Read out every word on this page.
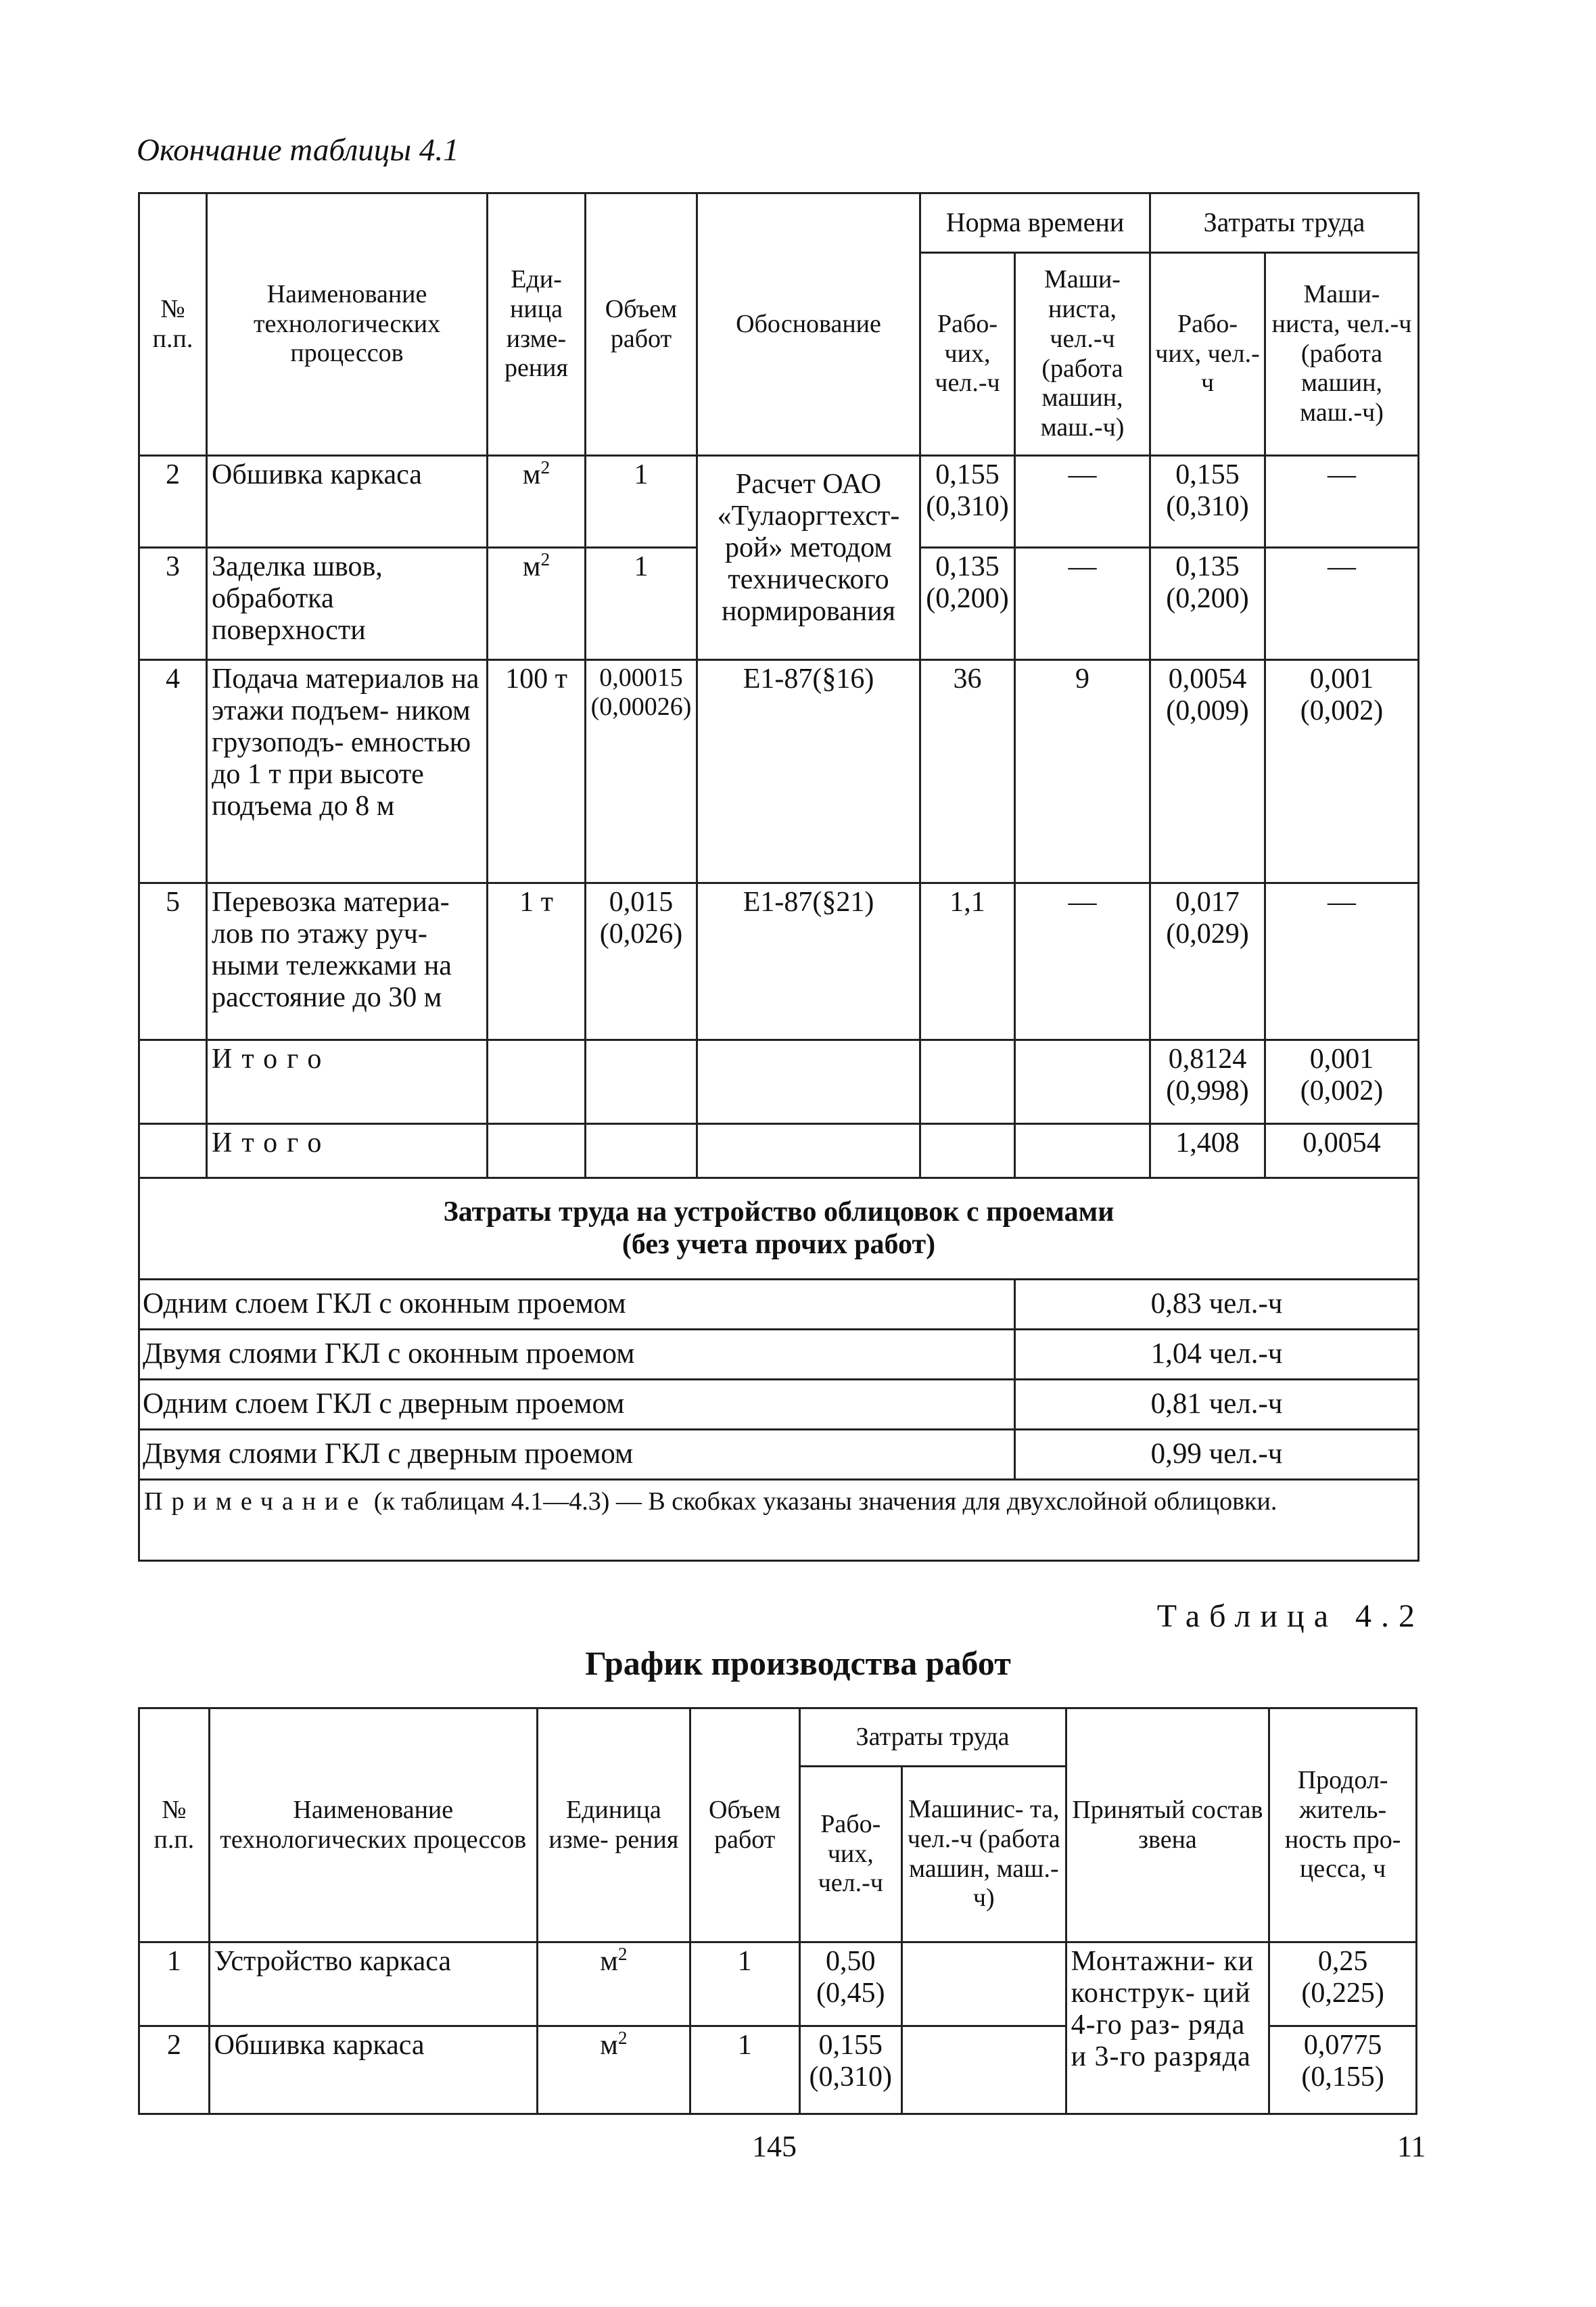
Окончание таблицы 4.1
№ п.п.	Наименование технологических процессов	Еди- ница изме- рения	Объем работ	Обоснование	Норма времени		Затраты труда	
					Рабо- чих, чел.-ч	Маши- ниста, чел.-ч (работа машин, маш.-ч)	Рабо- чих, чел.-ч	Маши- ниста, чел.-ч (работа машин, маш.-ч)
2	Обшивка каркаса	$м^2$	1	Расчет ОАО «Тулаоргтехст- рой» методом технического нормирования	0,155 (0,310)	—	0,155 (0,310)	—
3	Заделка швов, обработка поверхности	$м^2$	1		0,135 (0,200)	—	0,135 (0,200)	—
4	Подача материалов на этажи подъем- ником грузоподъ- емностью до 1 т при высоте подъема до 8 м	100 т	0,00015 (0,00026)	Е1-87(§16)	36	9	0,0054 (0,009)	0,001 (0,002)
5	Перевозка материа- лов по этажу руч- ными тележками на расстояние до 30 м	1 т	0,015 (0,026)	Е1-87(§21)	1,1	—	0,017 (0,029)	—
	Итого						0,8124 (0,998)	0,001 (0,002)
	Итого						1,408	0,0054

Затраты труда на устройство облицовок с проемами
(без учета прочих работ)								

Одним слоем ГКЛ с оконным проемом						0,83 чел.-ч		
Двумя слоями ГКЛ с оконным проемом						1,04 чел.-ч		
Одним слоем ГКЛ с дверным проемом						0,81 чел.-ч		
Двумя слоями ГКЛ с дверным проемом						0,99 чел.-ч		
Примечание (к таблицам 4.1—4.3) — В скобках указаны значения для двухслойной облицовки.								
Таблица 4.2
График производства работ
№ п.п.	Наименование технологических процессов	Единица изме- рения	Объем работ	Затраты труда		Принятый состав звена	Продол- житель- ность про- цесса, ч
				Рабо- чих, чел.-ч	Машинис- та, чел.-ч (работа машин, маш.-ч)		
1	Устройство каркаса	$м^2$	1	0,50 (0,45)		Монтажни- ки конструк- ций 4-го раз- ряда и 3-го разряда	0,25 (0,225)
2	Обшивка каркаса	$м^2$	1	0,155 (0,310)			0,0775 (0,155)
145	11
